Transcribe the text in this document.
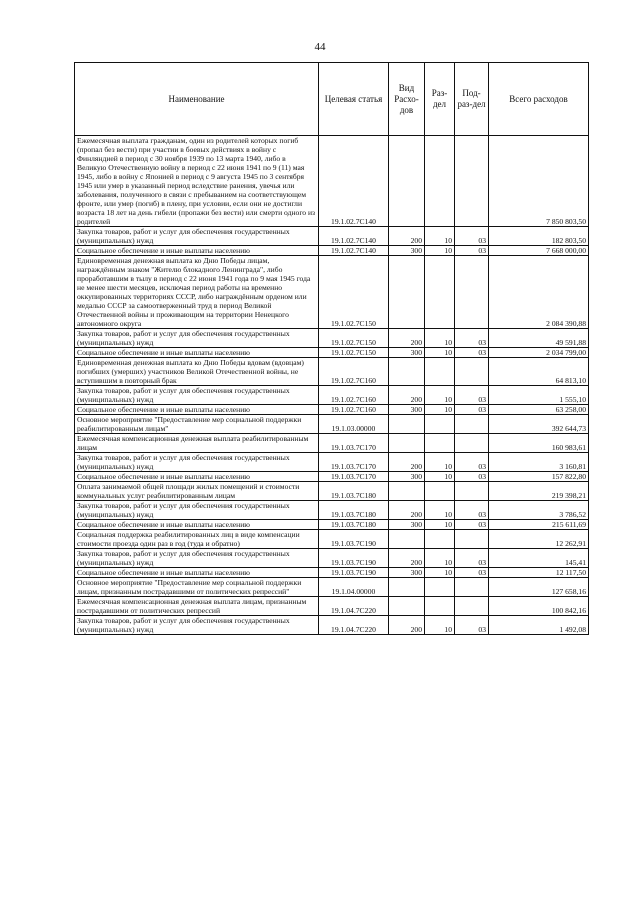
44
Наименование	Целевая статья	Вид Расхо-дов	Раз-дел	Под-раз-дел	Всего расходов
Ежемесячная выплата гражданам, один из родителей которых погиб (пропал без вести) при участии в боевых действиях в войну с Финляндией в период с 30 ноября 1939 по 13 марта 1940, либо в Великую Отечественную войну в период с 22 июня 1941 по 9 (11) мая 1945, либо в войну с Японией в период с 9 августа 1945 по 3 сентября 1945 или умер в указанный период вследствие ранения, увечья или заболевания, полученного в связи с пребыванием на соответствующем фронте, или умер (погиб) в плену, при условии, если они не достигли возраста 18 лет на день гибели (пропажи без вести) или смерти одного из родителей	19.1.02.7С140				7 850 803,50
Закупка товаров, работ и услуг для обеспечения государственных (муниципальных) нужд	19.1.02.7С140	200	10	03	182 803,50
Социальное обеспечение и иные выплаты населению	19.1.02.7С140	300	10	03	7 668 000,00
Единовременная денежная выплата ко Дню Победы лицам, награждённым знаком "Жителю блокадного Ленинграда", либо проработавшим в тылу в период с 22 июня 1941 года по 9 мая 1945 года не менее шести месяцев, исключая период работы на временно оккупированных территориях СССР, либо награждённым орденом или медалью СССР за самоотверженный труд в период Великой Отечественной войны и проживающим на территории Ненецкого автономного округа	19.1.02.7С150				2 084 390,88
Закупка товаров, работ и услуг для обеспечения государственных (муниципальных) нужд	19.1.02.7С150	200	10	03	49 591,88
Социальное обеспечение и иные выплаты населению	19.1.02.7С150	300	10	03	2 034 799,00
Единовременная денежная выплата ко Дню Победы вдовам (вдовцам) погибших (умерших) участников Великой Отечественной войны, не вступившим в повторный брак	19.1.02.7С160				64 813,10
Закупка товаров, работ и услуг для обеспечения государственных (муниципальных) нужд	19.1.02.7С160	200	10	03	1 555,10
Социальное обеспечение и иные выплаты населению	19.1.02.7С160	300	10	03	63 258,00
Основное мероприятие "Предоставление мер социальной поддержки реабилитированным лицам"	19.1.03.00000				392 644,73
Ежемесячная компенсационная денежная выплата реабилитированным лицам	19.1.03.7С170				160 983,61
Закупка товаров, работ и услуг для обеспечения государственных (муниципальных) нужд	19.1.03.7С170	200	10	03	3 160,81
Социальное обеспечение и иные выплаты населению	19.1.03.7С170	300	10	03	157 822,80
Оплата занимаемой общей площади жилых помещений и стоимости коммунальных услуг реабилитированным лицам	19.1.03.7С180				219 398,21
Закупка товаров, работ и услуг для обеспечения государственных (муниципальных) нужд	19.1.03.7С180	200	10	03	3 786,52
Социальное обеспечение и иные выплаты населению	19.1.03.7С180	300	10	03	215 611,69
Социальная поддержка реабилитированных лиц в виде компенсации стоимости проезда один раз в год (туда и обратно)	19.1.03.7С190				12 262,91
Закупка товаров, работ и услуг для обеспечения государственных (муниципальных) нужд	19.1.03.7С190	200	10	03	145,41
Социальное обеспечение и иные выплаты населению	19.1.03.7С190	300	10	03	12 117,50
Основное мероприятие "Предоставление мер социальной поддержки лицам, признанным пострадавшими от политических репрессий"	19.1.04.00000				127 658,16
Ежемесячная компенсационная денежная выплата лицам, признанным пострадавшими от политических репрессий	19.1.04.7С220				100 842,16
Закупка товаров, работ и услуг для обеспечения государственных (муниципальных) нужд	19.1.04.7С220	200	10	03	1 492,08
